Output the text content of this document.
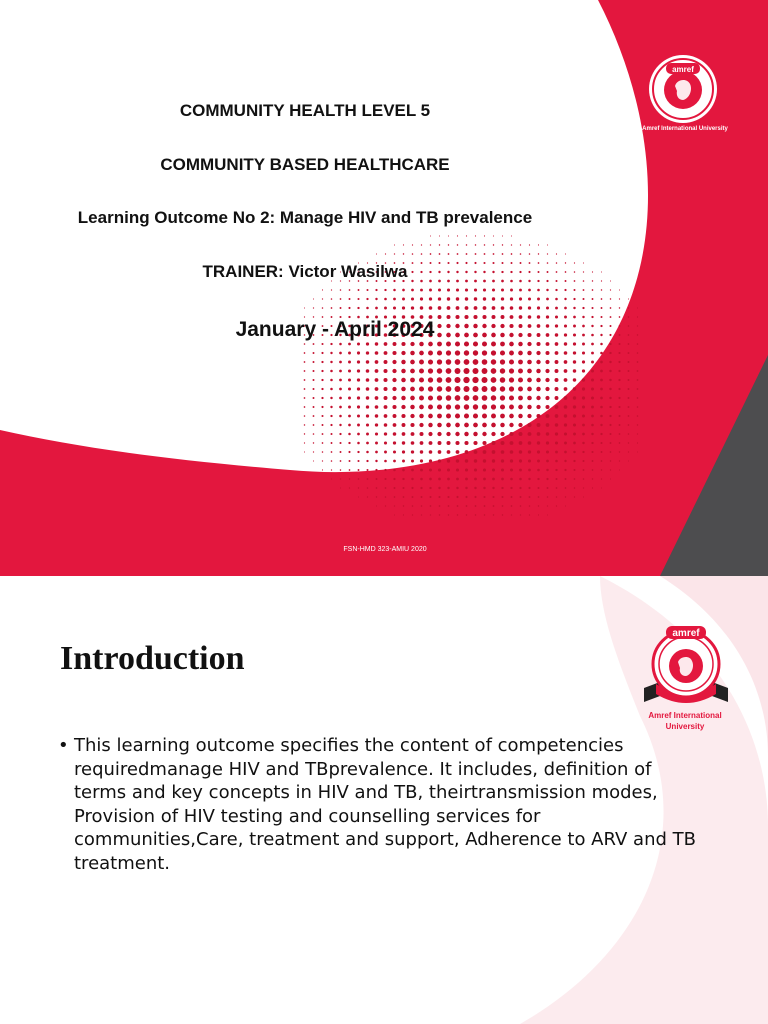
amref
Amref International University
COMMUNITY HEALTH LEVEL 5
COMMUNITY BASED HEALTHCARE
Learning Outcome No 2: Manage HIV and TB prevalence
TRAINER: Victor Wasilwa
January - April 2024
FSN-HMD 323-AMIU 2020
amref
Amref International
University
Introduction
• This learning outcome specifies the content of competencies requiredmanage HIV and TBprevalence. It includes, definition of terms and key concepts in HIV and TB, theirtransmission modes, Provision of HIV testing and counselling services for communities,Care, treatment and support, Adherence to ARV and TB treatment.
